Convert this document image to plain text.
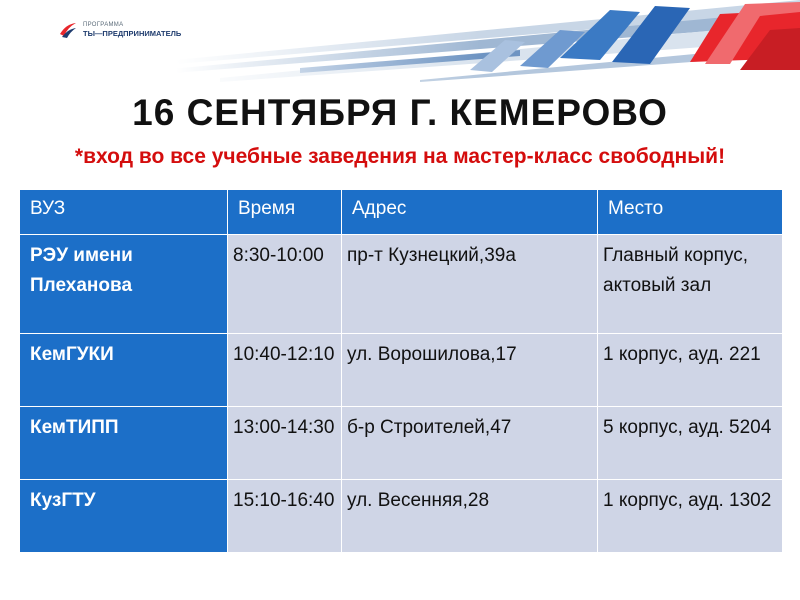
ПРОГРАММА
ТЫ—ПРЕДПРИНИМАТЕЛЬ
16 СЕНТЯБРЯ Г. КЕМЕРОВО

*вход во все учебные заведения на мастер-класс свободный!

ВУЗ	Время	Адрес	Место
РЭУ имени Плеханова	8:30-10:00	пр-т Кузнецкий,39а	Главный корпус, актовый зал
КемГУКИ	10:40-12:10	ул. Ворошилова,17	1 корпус, ауд. 221
КемТИПП	13:00-14:30	б-р Строителей,47	5 корпус, ауд. 5204
КузГТУ	15:10-16:40	ул. Весенняя,28	1 корпус, ауд. 1302
